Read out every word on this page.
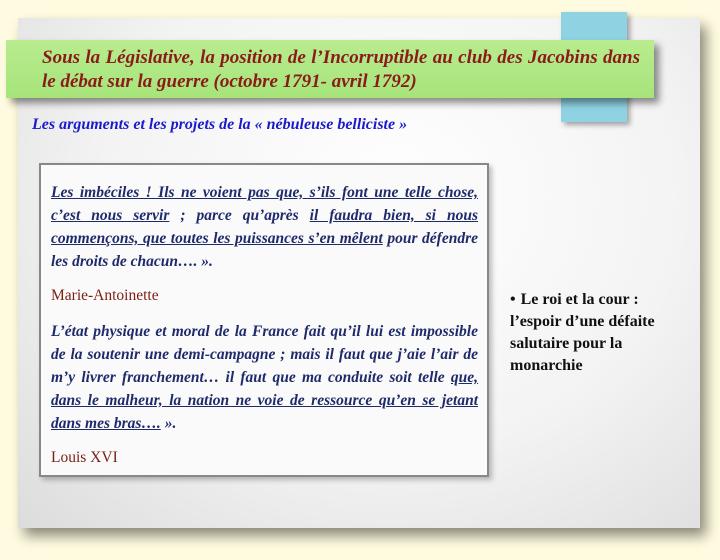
Sous la Législative, la position de l’Incorruptible au club des Jacobins dans le débat sur la guerre (octobre 1791- avril 1792)
Les arguments et les projets de la « nébuleuse belliciste »

Les imbéciles ! Ils ne voient pas que, s’ils font une telle chose, c’est nous servir ; parce qu’après il faudra bien, si nous commençons, que toutes les puissances s’en mêlent pour défendre les droits de chacun…. ».

Marie-Antoinette

L’état physique et moral de la France fait qu’il lui est impossible de la soutenir une demi-campagne ; mais il faut que j’aie l’air de m’y livrer franchement… il faut que ma conduite soit telle que, dans le malheur, la nation ne voie de ressource qu’en se jetant dans mes bras…. ».

Louis XVI

• Le roi et la cour : l’espoir d’une défaite salutaire pour la monarchie
